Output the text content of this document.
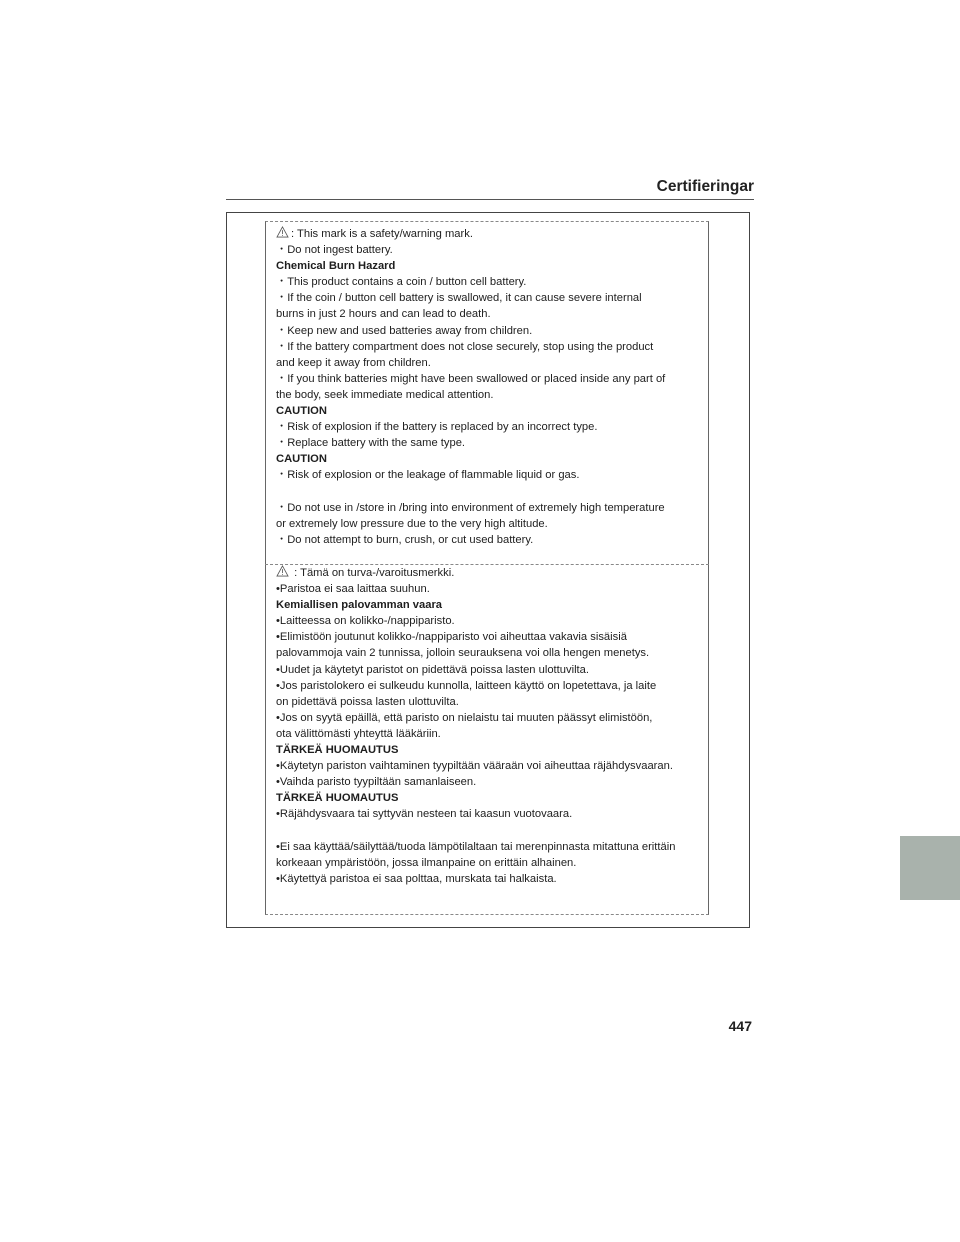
Certifieringar

: This mark is a safety/warning mark.

・Do not ingest battery.

Chemical Burn Hazard

・This product contains a coin / button cell battery.

・If the coin / button cell battery is swallowed, it can cause severe internal

burns in just 2 hours and can lead to death.

・Keep new and used batteries away from children.

・If the battery compartment does not close securely, stop using the product

and keep it away from children.

・If you think batteries might have been swallowed or placed inside any part of

the body, seek immediate medical attention.

CAUTION

・Risk of explosion if the battery is replaced by an incorrect type.

・Replace battery with the same type.

CAUTION

・Risk of explosion or the leakage of flammable liquid or gas.

・Do not use in /store in /bring into environment of extremely high temperature

or extremely low pressure due to the very high altitude.

・Do not attempt to burn, crush, or cut used battery.

: Tämä on turva-/varoitusmerkki.

•Paristoa ei saa laittaa suuhun.

Kemiallisen palovamman vaara

•Laitteessa on kolikko-/nappiparisto.

•Elimistöön joutunut kolikko-/nappiparisto voi aiheuttaa vakavia sisäisiä

palovammoja vain 2 tunnissa, jolloin seurauksena voi olla hengen menetys.

•Uudet ja käytetyt paristot on pidettävä poissa lasten ulottuvilta.

•Jos paristolokero ei sulkeudu kunnolla, laitteen käyttö on lopetettava, ja laite

on pidettävä poissa lasten ulottuvilta.

•Jos on syytä epäillä, että paristo on nielaistu tai muuten päässyt elimistöön,

ota välittömästi yhteyttä lääkäriin.

TÄRKEÄ HUOMAUTUS

•Käytetyn pariston vaihtaminen tyypiltään vääraän voi aiheuttaa räjähdysvaaran.

•Vaihda paristo tyypiltään samanlaiseen.

TÄRKEÄ HUOMAUTUS

•Räjähdysvaara tai syttyvän nesteen tai kaasun vuotovaara.

•Ei saa käyttää/säilyttää/tuoda lämpötilaltaan tai merenpinnasta mitattuna erittäin

korkeaan ympäristöön, jossa ilmanpaine on erittäin alhainen.

•Käytettyä paristoa ei saa polttaa, murskata tai halkaista.

447
